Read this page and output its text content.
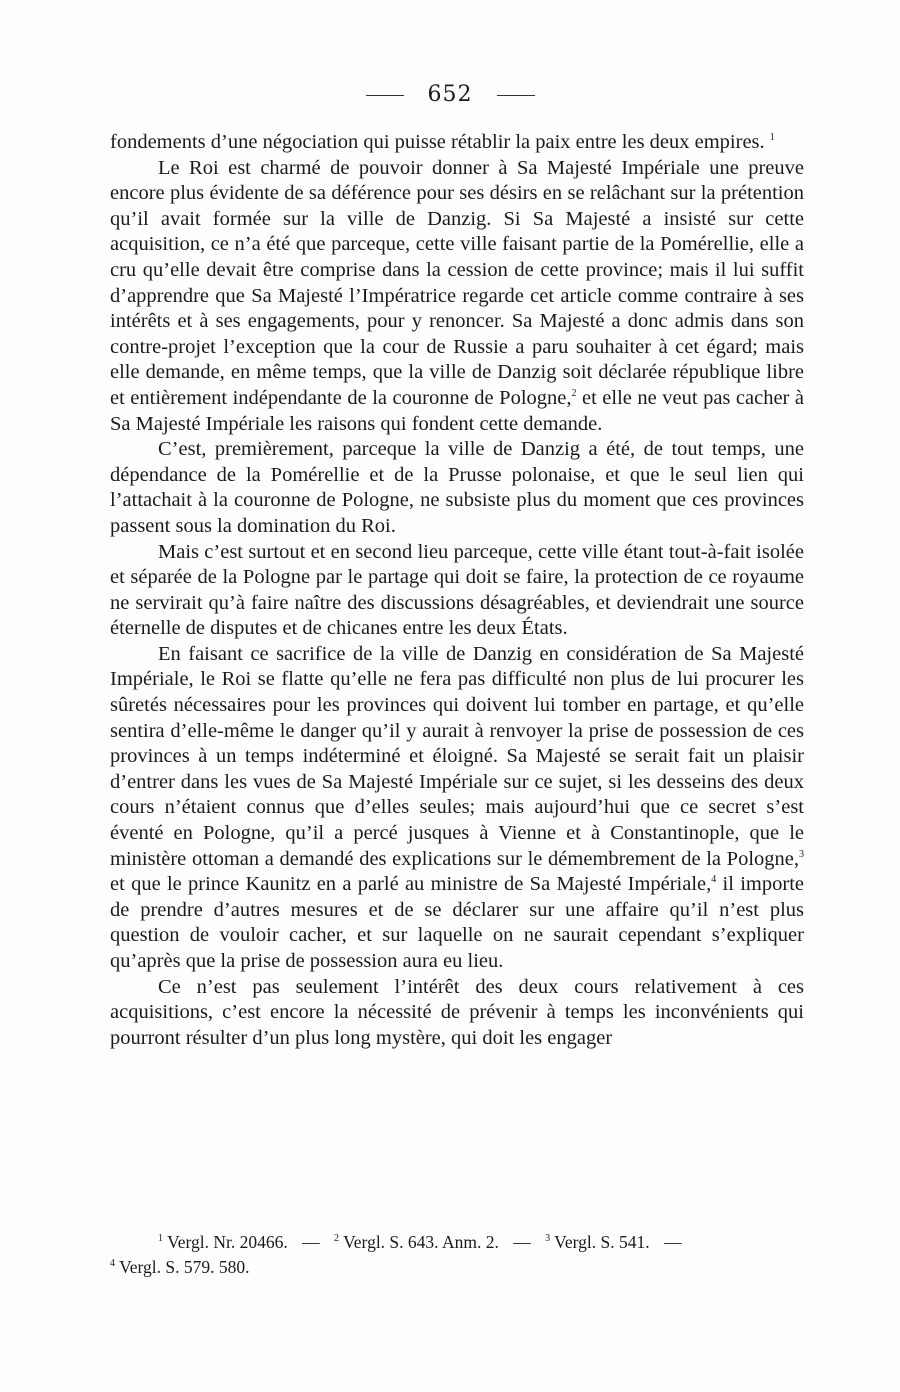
652

fondements d’une négociation qui puisse rétablir la paix entre les deux empires. $^1$

Le Roi est charmé de pouvoir donner à Sa Majesté Impériale une preuve encore plus évidente de sa déférence pour ses désirs en se relâchant sur la prétention qu’il avait formée sur la ville de Danzig. Si Sa Majesté a insisté sur cette acquisition, ce n’a été que parceque, cette ville faisant partie de la Pomérellie, elle a cru qu’elle devait être comprise dans la cession de cette province; mais il lui suffit d’apprendre que Sa Majesté l’Impératrice regarde cet article comme contraire à ses intérêts et à ses engagements, pour y renoncer. Sa Majesté a donc admis dans son contre-projet l’exception que la cour de Russie a paru souhaiter à cet égard; mais elle demande, en même temps, que la ville de Danzig soit déclarée république libre et entièrement indépendante de la couronne de Pologne,$^2$ et elle ne veut pas cacher à Sa Majesté Impériale les raisons qui fondent cette demande.

C’est, premièrement, parceque la ville de Danzig a été, de tout temps, une dépendance de la Pomérellie et de la Prusse polonaise, et que le seul lien qui l’attachait à la couronne de Pologne, ne subsiste plus du moment que ces provinces passent sous la domination du Roi.

Mais c’est surtout et en second lieu parceque, cette ville étant tout-à-fait isolée et séparée de la Pologne par le partage qui doit se faire, la protection de ce royaume ne servirait qu’à faire naître des discussions désagréables, et deviendrait une source éternelle de disputes et de chicanes entre les deux États.

En faisant ce sacrifice de la ville de Danzig en considération de Sa Majesté Impériale, le Roi se flatte qu’elle ne fera pas difficulté non plus de lui procurer les sûretés nécessaires pour les provinces qui doivent lui tomber en partage, et qu’elle sentira d’elle-même le danger qu’il y aurait à renvoyer la prise de possession de ces provinces à un temps indéterminé et éloigné. Sa Majesté se serait fait un plaisir d’entrer dans les vues de Sa Majesté Impériale sur ce sujet, si les desseins des deux cours n’étaient connus que d’elles seules; mais aujourd’hui que ce secret s’est éventé en Pologne, qu’il a percé jusques à Vienne et à Constantinople, que le ministère ottoman a demandé des explications sur le démembrement de la Pologne,$^3$ et que le prince Kaunitz en a parlé au ministre de Sa Majesté Impériale,$^4$ il importe de prendre d’autres mesures et de se déclarer sur une affaire qu’il n’est plus question de vouloir cacher, et sur laquelle on ne saurait cependant s’expliquer qu’après que la prise de possession aura eu lieu.

Ce n’est pas seulement l’intérêt des deux cours relativement à ces acquisitions, c’est encore la nécessité de prévenir à temps les inconvénients qui pourront résulter d’un plus long mystère, qui doit les engager

$^1$ Vergl. Nr. 20466. — $^2$ Vergl. S. 643. Anm. 2. — $^3$ Vergl. S. 541. —
$^4$ Vergl. S. 579. 580.
